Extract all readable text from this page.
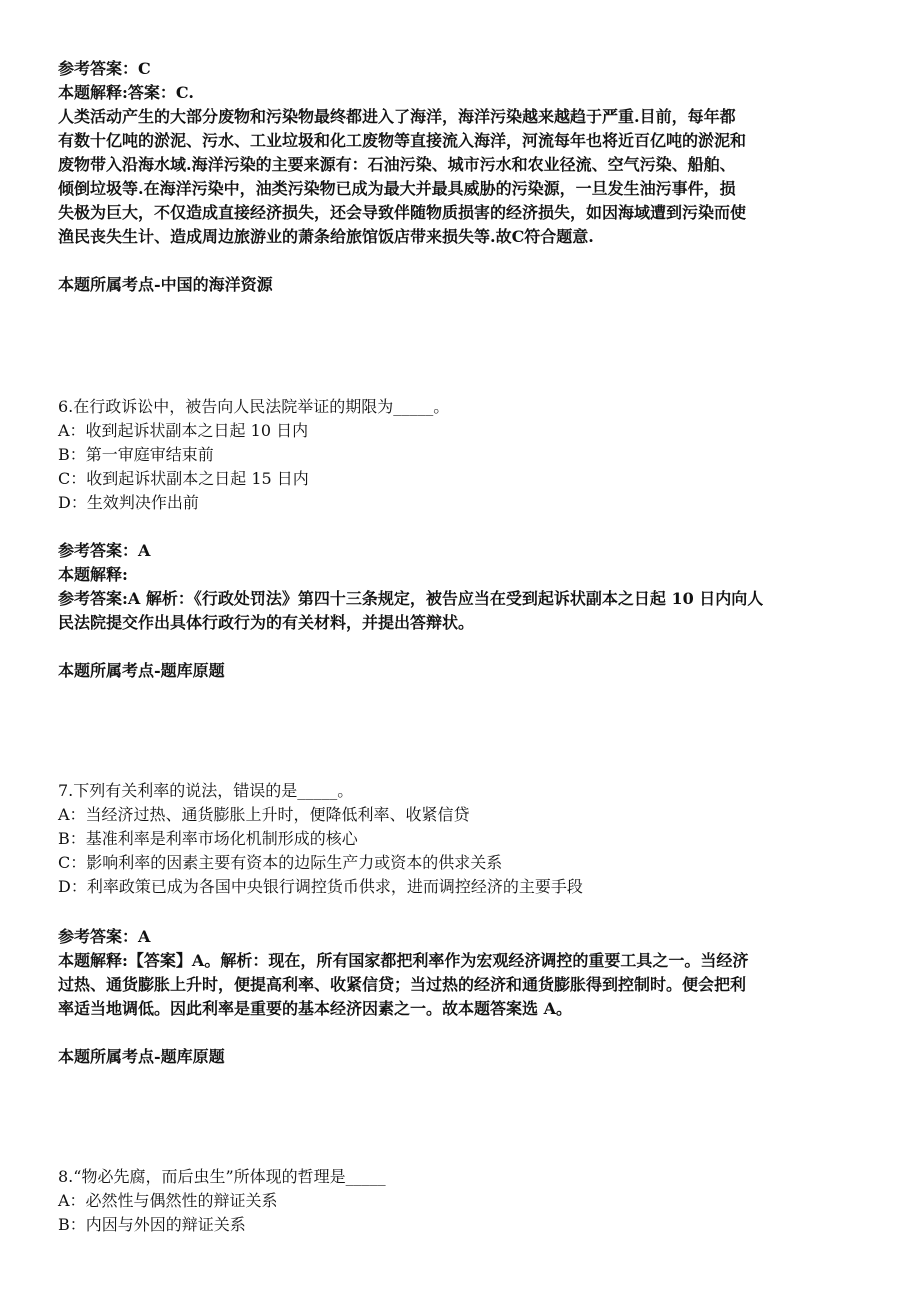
参考答案：C
本题解释:答案：C.
人类活动产生的大部分废物和污染物最终都进入了海洋，海洋污染越来越趋于严重.目前，每年都
有数十亿吨的淤泥、污水、工业垃圾和化工废物等直接流入海洋，河流每年也将近百亿吨的淤泥和
废物带入沿海水域.海洋污染的主要来源有：石油污染、城市污水和农业径流、空气污染、船舶、
倾倒垃圾等.在海洋污染中，油类污染物已成为最大并最具威胁的污染源，一旦发生油污事件，损
失极为巨大，不仅造成直接经济损失，还会导致伴随物质损害的经济损失，如因海域遭到污染而使
渔民丧失生计、造成周边旅游业的萧条给旅馆饭店带来损失等.故C符合题意.
本题所属考点-中国的海洋资源
6.在行政诉讼中，被告向人民法院举证的期限为_____。
A：收到起诉状副本之日起 10 日内
B：第一审庭审结束前
C：收到起诉状副本之日起 15 日内
D：生效判决作出前
参考答案：A
本题解释:
参考答案:A 解析：《行政处罚法》第四十三条规定，被告应当在受到起诉状副本之日起 10 日内向人
民法院提交作出具体行政行为的有关材料，并提出答辩状。
本题所属考点-题库原题
7.下列有关利率的说法，错误的是_____。
A：当经济过热、通货膨胀上升时，便降低利率、收紧信贷
B：基准利率是利率市场化机制形成的核心
C：影响利率的因素主要有资本的边际生产力或资本的供求关系
D：利率政策已成为各国中央银行调控货币供求，进而调控经济的主要手段
参考答案：A
本题解释:【答案】A。解析：现在，所有国家都把利率作为宏观经济调控的重要工具之一。当经济
过热、通货膨胀上升时，便提高利率、收紧信贷；当过热的经济和通货膨胀得到控制时。便会把利
率适当地调低。因此利率是重要的基本经济因素之一。故本题答案选 A。
本题所属考点-题库原题
8.“物必先腐，而后虫生”所体现的哲理是_____
A：必然性与偶然性的辩证关系
B：内因与外因的辩证关系
